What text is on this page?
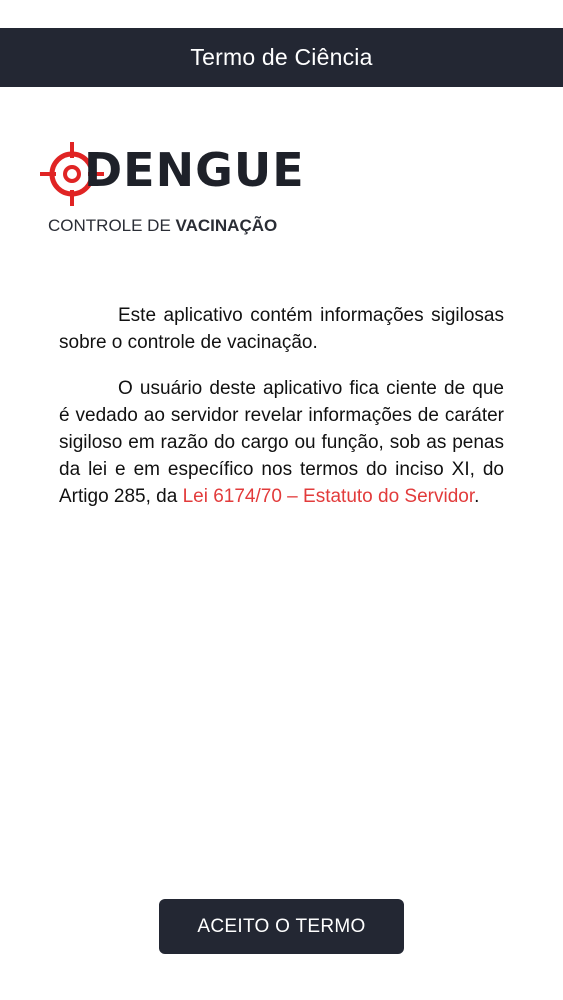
Termo de Ciência
DENGUE
CONTROLE DE VACINAÇÃO

Este aplicativo contém informações sigilosas sobre o controle de vacinação.

O usuário deste aplicativo fica ciente de que é vedado ao servidor revelar informações de caráter sigiloso em razão do cargo ou função, sob as penas da lei e em específico nos termos do inciso XI, do Artigo 285, da Lei 6174/70 – Estatuto do Servidor.

ACEITO O TERMO
